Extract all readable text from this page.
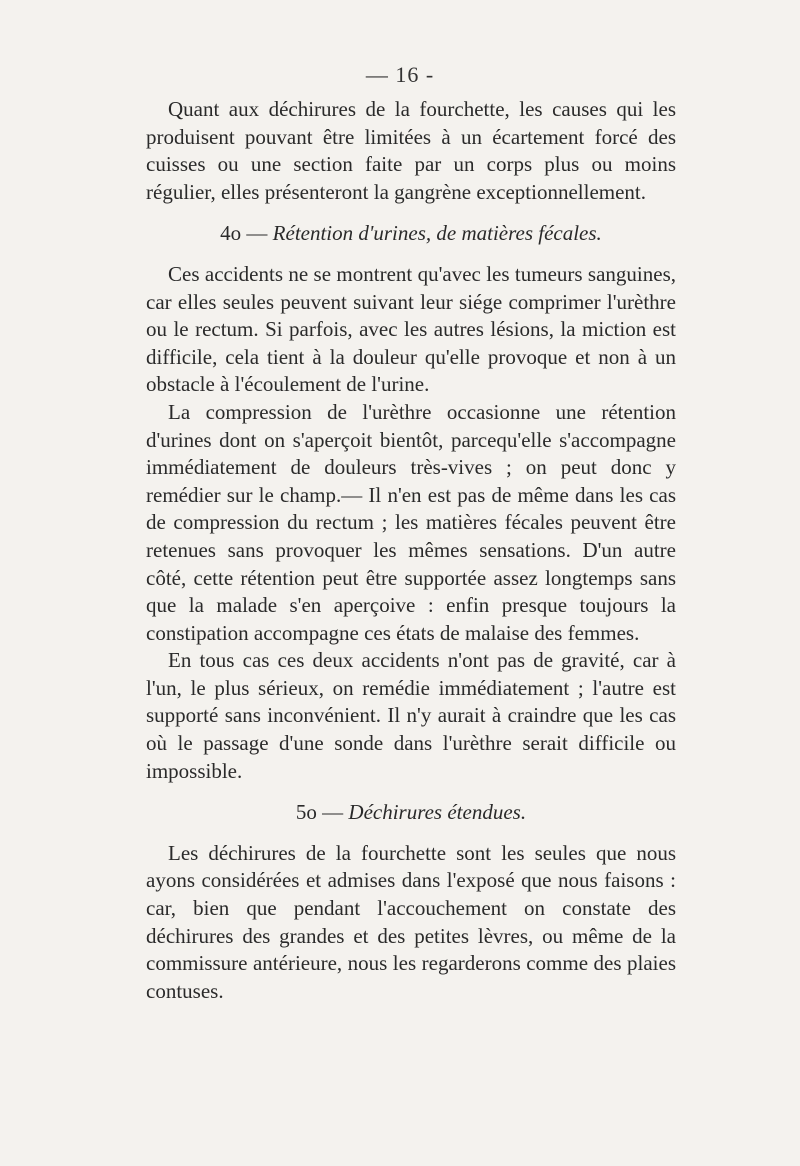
— 16 -

Quant aux déchirures de la fourchette, les causes qui les produisent pouvant être limitées à un écartement forcé des cuisses ou une section faite par un corps plus ou moins régulier, elles présenteront la gangrène exceptionnellement.

4o — Rétention d'urines, de matières fécales.

Ces accidents ne se montrent qu'avec les tumeurs sanguines, car elles seules peuvent suivant leur siége comprimer l'urèthre ou le rectum. Si parfois, avec les autres lésions, la miction est difficile, cela tient à la douleur qu'elle provoque et non à un obstacle à l'écoulement de l'urine.

La compression de l'urèthre occasionne une rétention d'urines dont on s'aperçoit bientôt, parcequ'elle s'accompagne immédiatement de douleurs très-vives ; on peut donc y remédier sur le champ.— Il n'en est pas de même dans les cas de compression du rectum ; les matières fécales peuvent être retenues sans provoquer les mêmes sensations. D'un autre côté, cette rétention peut être supportée assez longtemps sans que la malade s'en aperçoive : enfin presque toujours la constipation accompagne ces états de malaise des femmes.

En tous cas ces deux accidents n'ont pas de gravité, car à l'un, le plus sérieux, on remédie immédiatement ; l'autre est supporté sans inconvénient. Il n'y aurait à craindre que les cas où le passage d'une sonde dans l'urèthre serait difficile ou impossible.

5o — Déchirures étendues.

Les déchirures de la fourchette sont les seules que nous ayons considérées et admises dans l'exposé que nous faisons : car, bien que pendant l'accouchement on constate des déchirures des grandes et des petites lèvres, ou même de la commissure antérieure, nous les regarderons comme des plaies contuses.
